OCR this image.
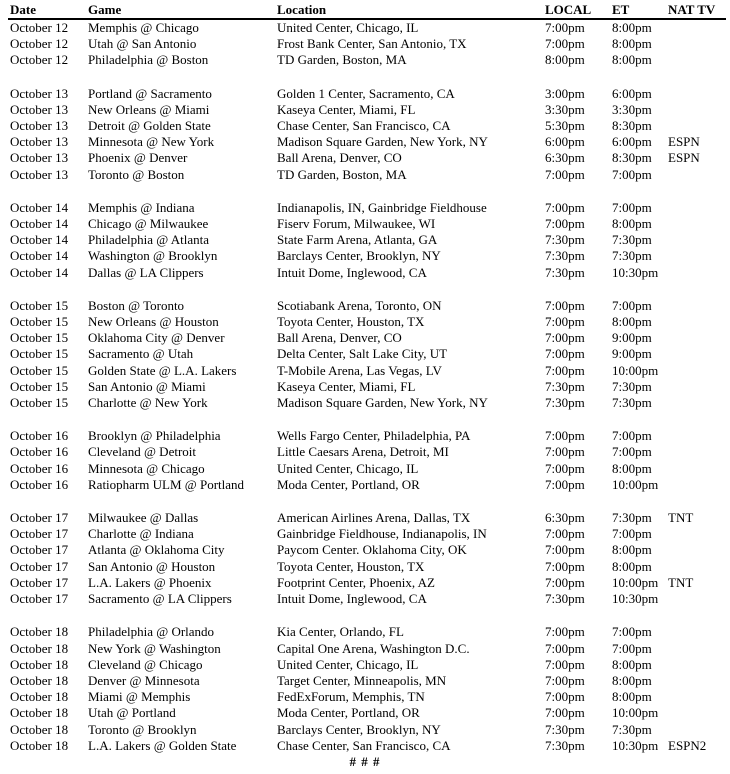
Date	Game	Location	LOCAL	ET	NAT TV
October 12	Memphis @ Chicago	United Center, Chicago, IL	7:00pm	8:00pm
October 12	Utah @ San Antonio	Frost Bank Center, San Antonio, TX	7:00pm	8:00pm
October 12	Philadelphia @ Boston	TD Garden, Boston, MA	8:00pm	8:00pm
October 13	Portland @ Sacramento	Golden 1 Center, Sacramento, CA	3:00pm	6:00pm
October 13	New Orleans @ Miami	Kaseya Center, Miami, FL	3:30pm	3:30pm
October 13	Detroit @ Golden State	Chase Center, San Francisco, CA	5:30pm	8:30pm
October 13	Minnesota @ New York	Madison Square Garden, New York, NY	6:00pm	6:00pm	ESPN
October 13	Phoenix @ Denver	Ball Arena, Denver, CO	6:30pm	8:30pm	ESPN
October 13	Toronto @ Boston	TD Garden, Boston, MA	7:00pm	7:00pm
October 14	Memphis @ Indiana	Indianapolis, IN, Gainbridge Fieldhouse	7:00pm	7:00pm
October 14	Chicago @ Milwaukee	Fiserv Forum, Milwaukee, WI	7:00pm	8:00pm
October 14	Philadelphia @ Atlanta	State Farm Arena, Atlanta, GA	7:30pm	7:30pm
October 14	Washington @ Brooklyn	Barclays Center, Brooklyn, NY	7:30pm	7:30pm
October 14	Dallas @ LA Clippers	Intuit Dome, Inglewood, CA	7:30pm	10:30pm
October 15	Boston @ Toronto	Scotiabank Arena, Toronto, ON	7:00pm	7:00pm
October 15	New Orleans @ Houston	Toyota Center, Houston, TX	7:00pm	8:00pm
October 15	Oklahoma City @ Denver	Ball Arena, Denver, CO	7:00pm	9:00pm
October 15	Sacramento @ Utah	Delta Center, Salt Lake City, UT	7:00pm	9:00pm
October 15	Golden State @ L.A. Lakers	T-Mobile Arena, Las Vegas, LV	7:00pm	10:00pm
October 15	San Antonio @ Miami	Kaseya Center, Miami, FL	7:30pm	7:30pm
October 15	Charlotte @ New York	Madison Square Garden, New York, NY	7:30pm	7:30pm
October 16	Brooklyn @ Philadelphia	Wells Fargo Center, Philadelphia, PA	7:00pm	7:00pm
October 16	Cleveland @ Detroit	Little Caesars Arena, Detroit, MI	7:00pm	7:00pm
October 16	Minnesota @ Chicago	United Center, Chicago, IL	7:00pm	8:00pm
October 16	Ratiopharm ULM @ Portland	Moda Center, Portland, OR	7:00pm	10:00pm
October 17	Milwaukee @ Dallas	American Airlines Arena, Dallas, TX	6:30pm	7:30pm	TNT
October 17	Charlotte @ Indiana	Gainbridge Fieldhouse, Indianapolis, IN	7:00pm	7:00pm
October 17	Atlanta @ Oklahoma City	Paycom Center. Oklahoma City, OK	7:00pm	8:00pm
October 17	San Antonio @ Houston	Toyota Center, Houston, TX	7:00pm	8:00pm
October 17	L.A. Lakers @ Phoenix	Footprint Center, Phoenix, AZ	7:00pm	10:00pm TNT
October 17	Sacramento @ LA Clippers	Intuit Dome, Inglewood, CA	7:30pm	10:30pm
October 18	Philadelphia @ Orlando	Kia Center, Orlando, FL	7:00pm	7:00pm
October 18	New York @ Washington	Capital One Arena, Washington D.C.	7:00pm	7:00pm
October 18	Cleveland @ Chicago	United Center, Chicago, IL	7:00pm	8:00pm
October 18	Denver @ Minnesota	Target Center, Minneapolis, MN	7:00pm	8:00pm
October 18	Miami @ Memphis	FedExForum, Memphis, TN	7:00pm	8:00pm
October 18	Utah @ Portland	Moda Center, Portland, OR	7:00pm	10:00pm
October 18	Toronto @ Brooklyn	Barclays Center, Brooklyn, NY	7:30pm	7:30pm
October 18	L.A. Lakers @ Golden State	Chase Center, San Francisco, CA	7:30pm	10:30pm ESPN2
# # #
